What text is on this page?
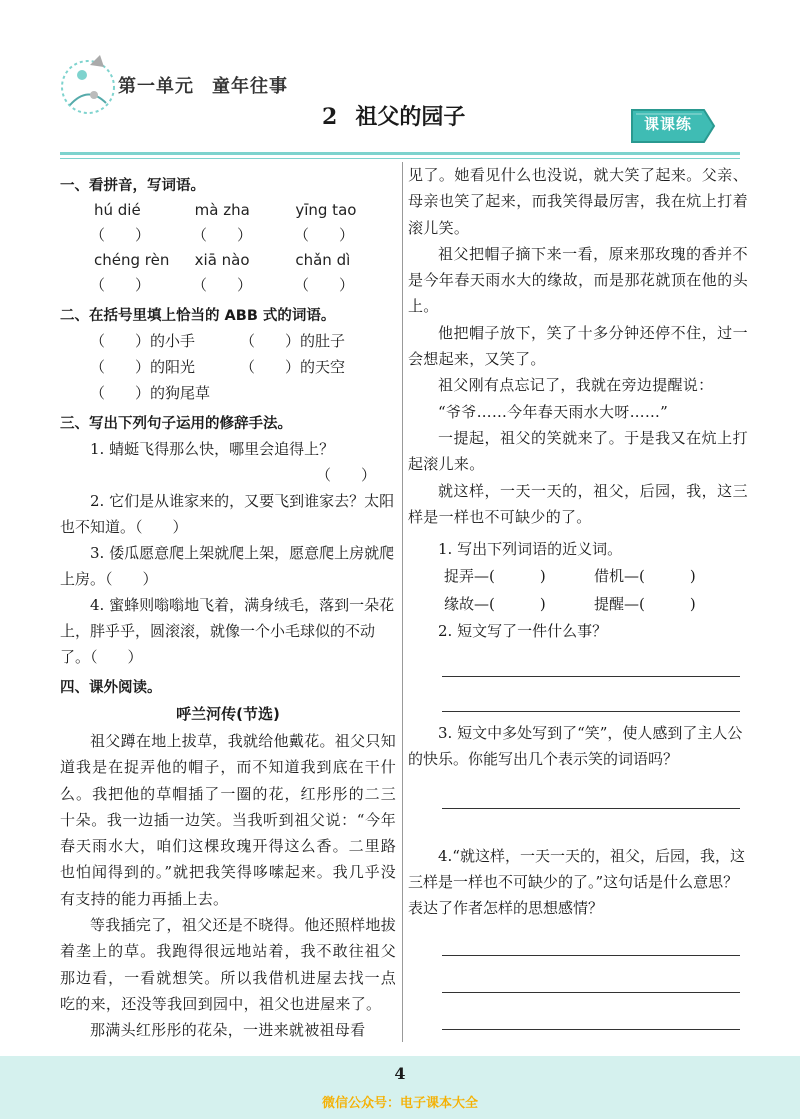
第一单元 童年往事
2 祖父的园子	课课练
一、看拼音，写词语。
hú dié	mà zha	yīng tao
（　　）	（　　）	（　　）
chéng rèn	xiā nào	chǎn dì
（　　）	（　　）	（　　）
二、在括号里填上恰当的 ABB 式的词语。
（　　）的小手	（　　）的肚子
（　　）的阳光	（　　）的天空
（　　）的狗尾草
三、写出下列句子运用的修辞手法。
1. 蜻蜓飞得那么快，哪里会追得上？
（　　）
2. 它们是从谁家来的，又要飞到谁家去？太阳也不知道。（　　）
3. 倭瓜愿意爬上架就爬上架，愿意爬上房就爬上房。（　　）
4. 蜜蜂则嗡嗡地飞着，满身绒毛，落到一朵花上，胖乎乎，圆滚滚，就像一个小毛球似的不动了。（　　）
四、课外阅读。
呼兰河传(节选)
祖父蹲在地上拔草，我就给他戴花。祖父只知道我是在捉弄他的帽子，而不知道我到底在干什么。我把他的草帽插了一圈的花，红彤彤的二三十朵。我一边插一边笑。当我听到祖父说：“今年春天雨水大，咱们这棵玫瑰开得这么香。二里路也怕闻得到的。”就把我笑得哆嗦起来。我几乎没有支持的能力再插上去。
等我插完了，祖父还是不晓得。他还照样地拔着垄上的草。我跑得很远地站着，我不敢往祖父那边看，一看就想笑。所以我借机进屋去找一点吃的来，还没等我回到园中，祖父也进屋来了。
那满头红彤彤的花朵，一进来就被祖母看
见了。她看见什么也没说，就大笑了起来。父亲、母亲也笑了起来，而我笑得最厉害，我在炕上打着滚儿笑。
祖父把帽子摘下来一看，原来那玫瑰的香并不是今年春天雨水大的缘故，而是那花就顶在他的头上。
他把帽子放下，笑了十多分钟还停不住，过一会想起来，又笑了。
祖父刚有点忘记了，我就在旁边提醒说：
“爷爷……今年春天雨水大呀……”
一提起，祖父的笑就来了。于是我又在炕上打起滚儿来。
就这样，一天一天的，祖父，后园，我，这三样是一样也不可缺少的了。
1. 写出下列词语的近义词。
捉弄—(　　　)	借机—(　　　)
缘故—(　　　)	提醒—(　　　)
2. 短文写了一件什么事？
3. 短文中多处写到了“笑”，使人感到了主人公的快乐。你能写出几个表示笑的词语吗？
4.“就这样，一天一天的，祖父，后园，我，这三样是一样也不可缺少的了。”这句话是什么意思？表达了作者怎样的思想感情？
4
微信公众号：电子课本大全
